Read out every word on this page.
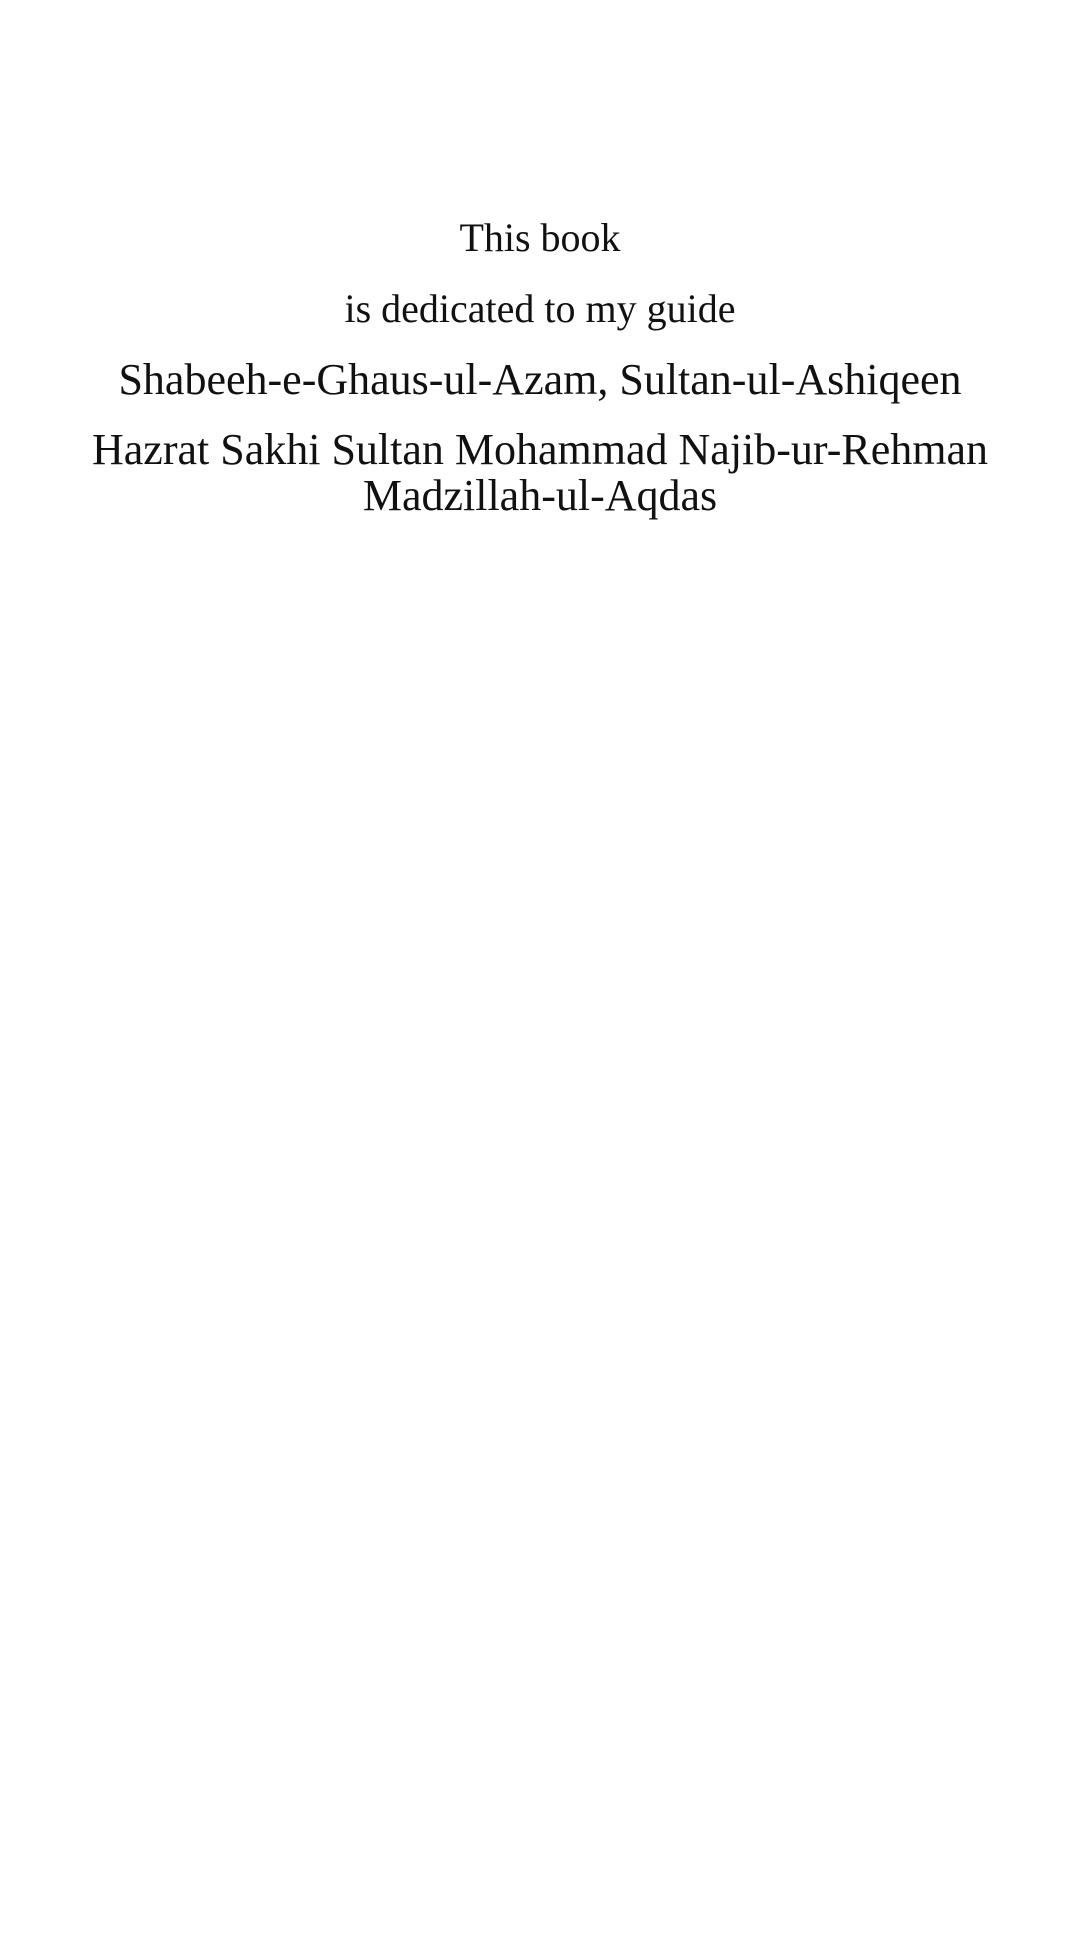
This book
is dedicated to my guide
Shabeeh-e-Ghaus-ul-Azam, Sultan-ul-Ashiqeen
Hazrat Sakhi Sultan Mohammad Najib-ur-Rehman
Madzillah-ul-Aqdas
